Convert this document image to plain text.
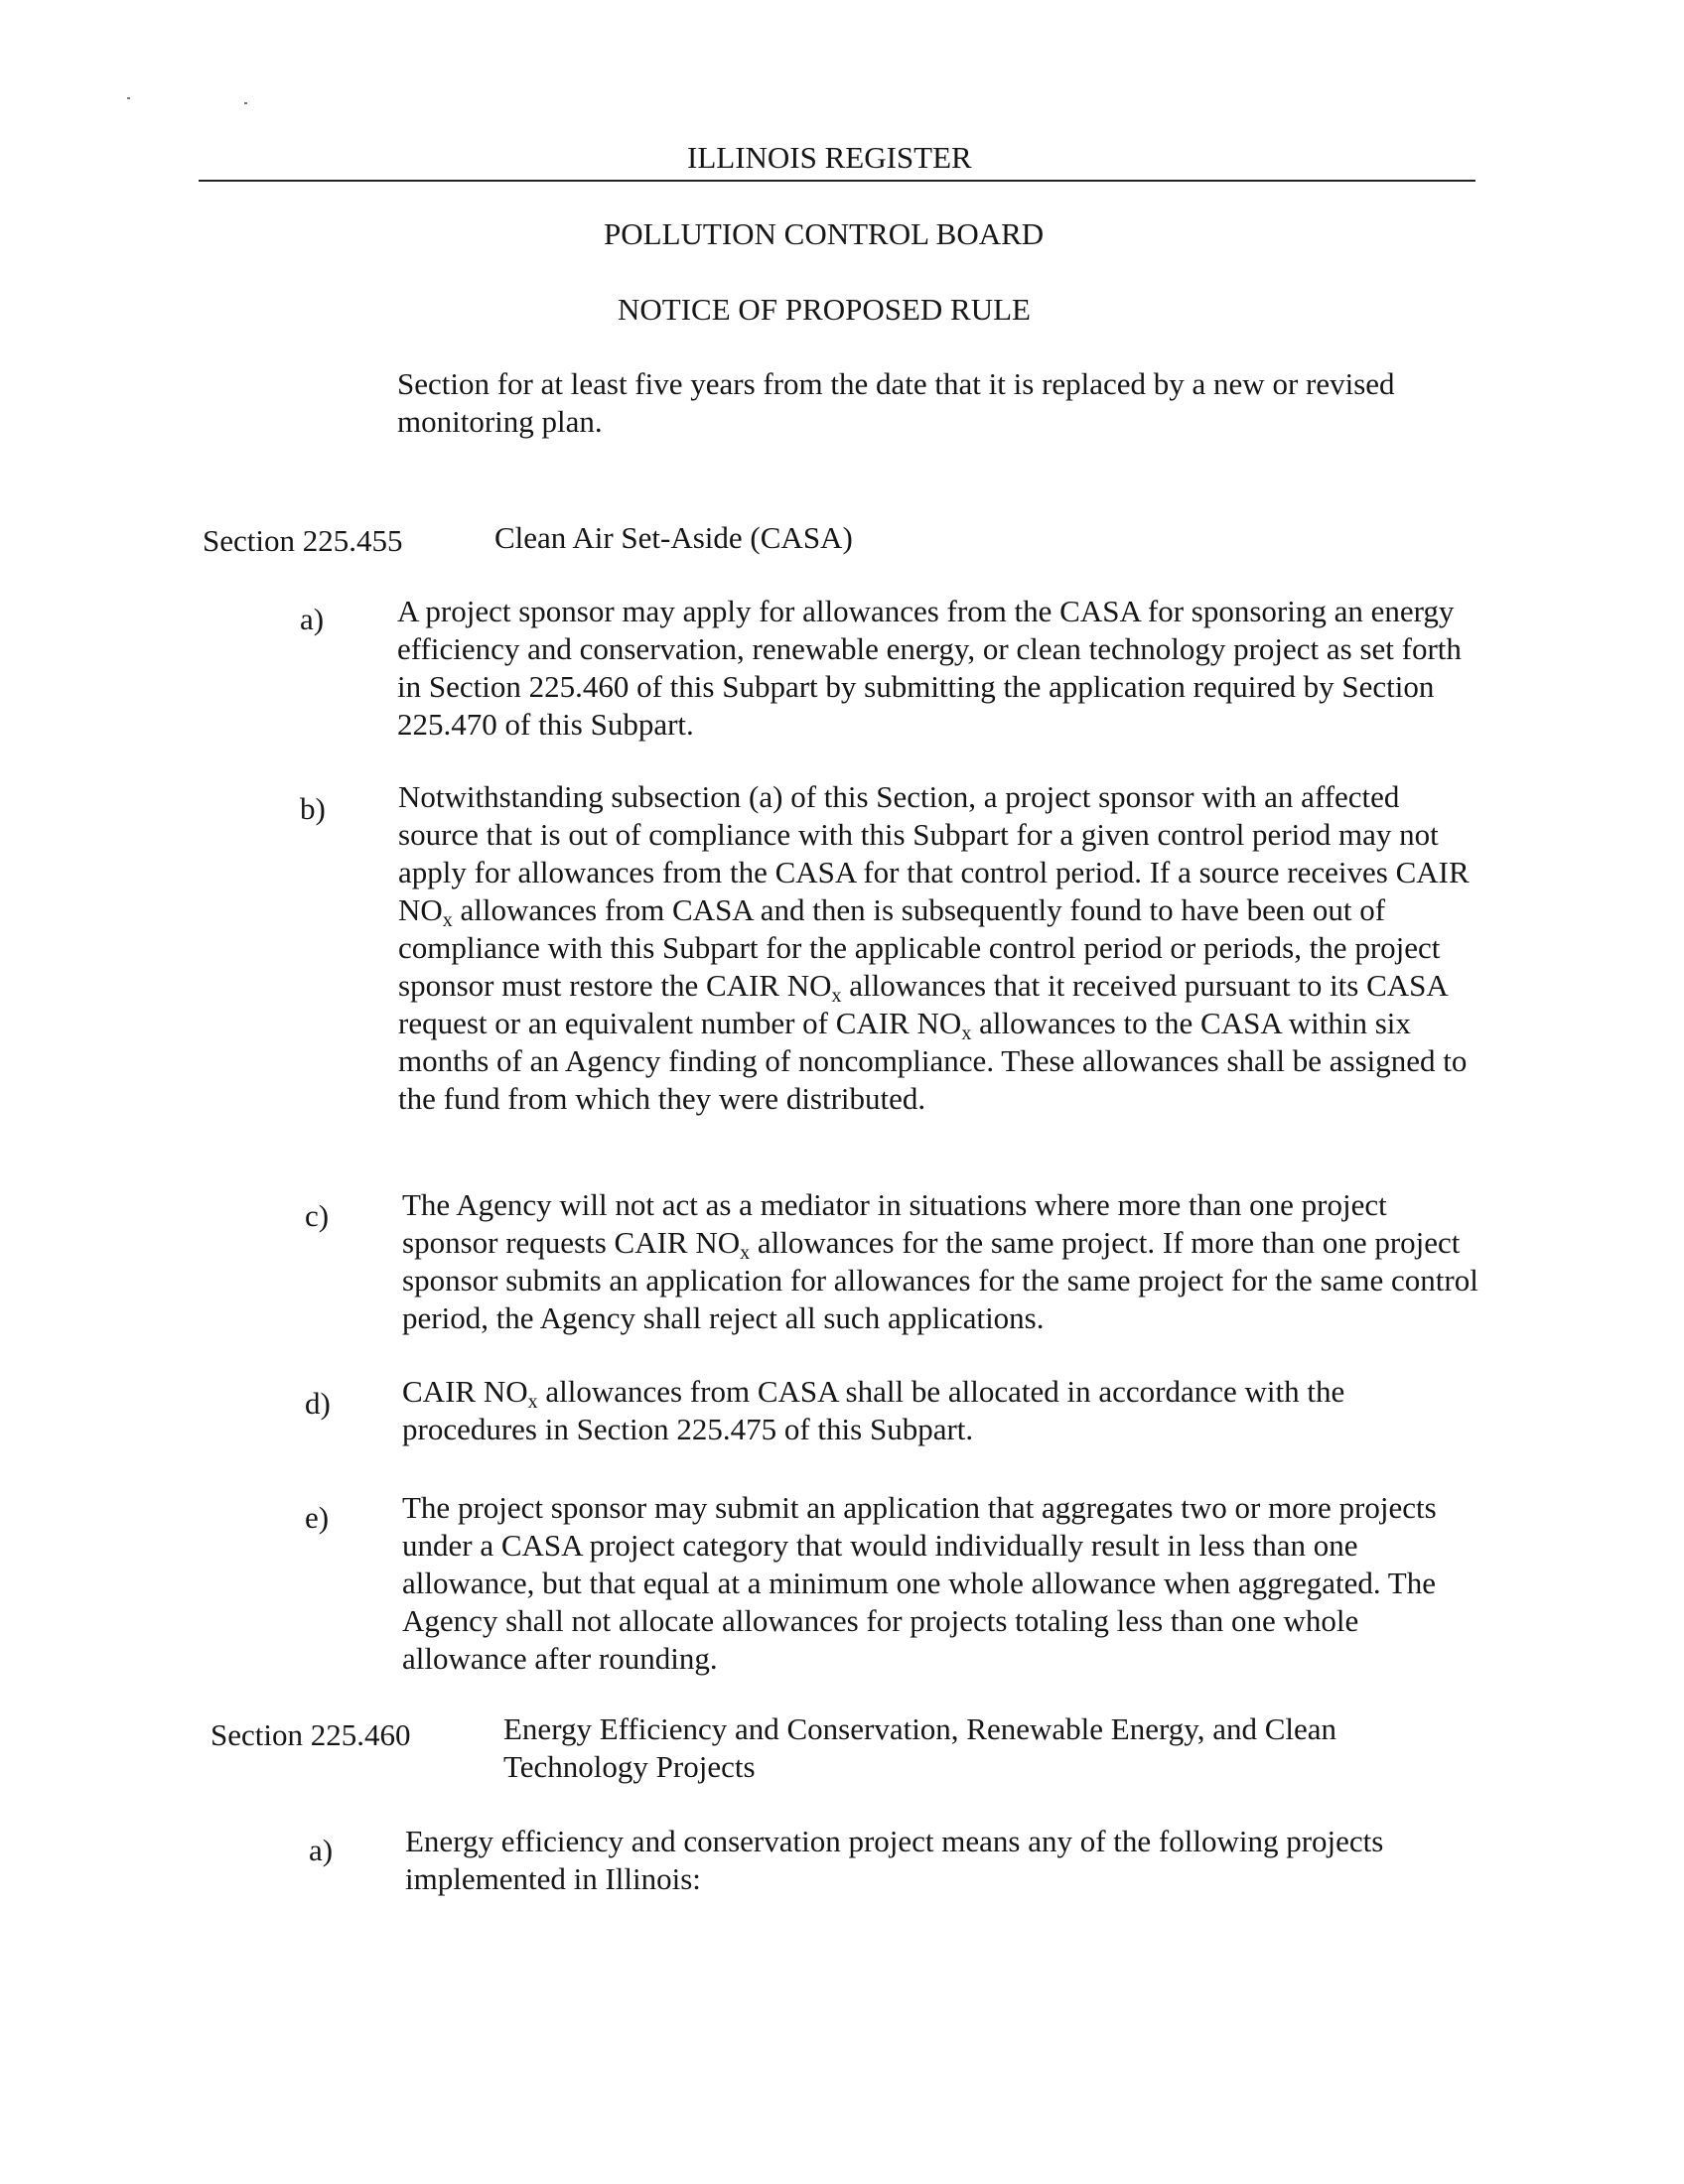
ILLINOIS REGISTER
POLLUTION CONTROL BOARD
NOTICE OF PROPOSED RULE

Section for at least five years from the date that it is replaced by a new or revised monitoring plan.

Section 225.455	Clean Air Set-Aside (CASA)
a) A project sponsor may apply for allowances from the CASA for sponsoring an energy efficiency and conservation, renewable energy, or clean technology project as set forth in Section 225.460 of this Subpart by submitting the application required by Section 225.470 of this Subpart.

b) Notwithstanding subsection (a) of this Section, a project sponsor with an affected source that is out of compliance with this Subpart for a given control period may not apply for allowances from the CASA for that control period. If a source receives CAIR $NO_x$ allowances from CASA and then is subsequently found to have been out of compliance with this Subpart for the applicable control period or periods, the project sponsor must restore the CAIR $NO_x$ allowances that it received pursuant to its CASA request or an equivalent number of CAIR $NO_x$ allowances to the CASA within six months of an Agency finding of noncompliance. These allowances shall be assigned to the fund from which they were distributed.

c) The Agency will not act as a mediator in situations where more than one project sponsor requests CAIR $NO_x$ allowances for the same project. If more than one project sponsor submits an application for allowances for the same project for the same control period, the Agency shall reject all such applications.

d) CAIR $NO_x$ allowances from CASA shall be allocated in accordance with the procedures in Section 225.475 of this Subpart.

e) The project sponsor may submit an application that aggregates two or more projects under a CASA project category that would individually result in less than one allowance, but that equal at a minimum one whole allowance when aggregated. The Agency shall not allocate allowances for projects totaling less than one whole allowance after rounding.

Section 225.460	Energy Efficiency and Conservation, Renewable Energy, and Clean Technology Projects
a) Energy efficiency and conservation project means any of the following projects implemented in Illinois:
